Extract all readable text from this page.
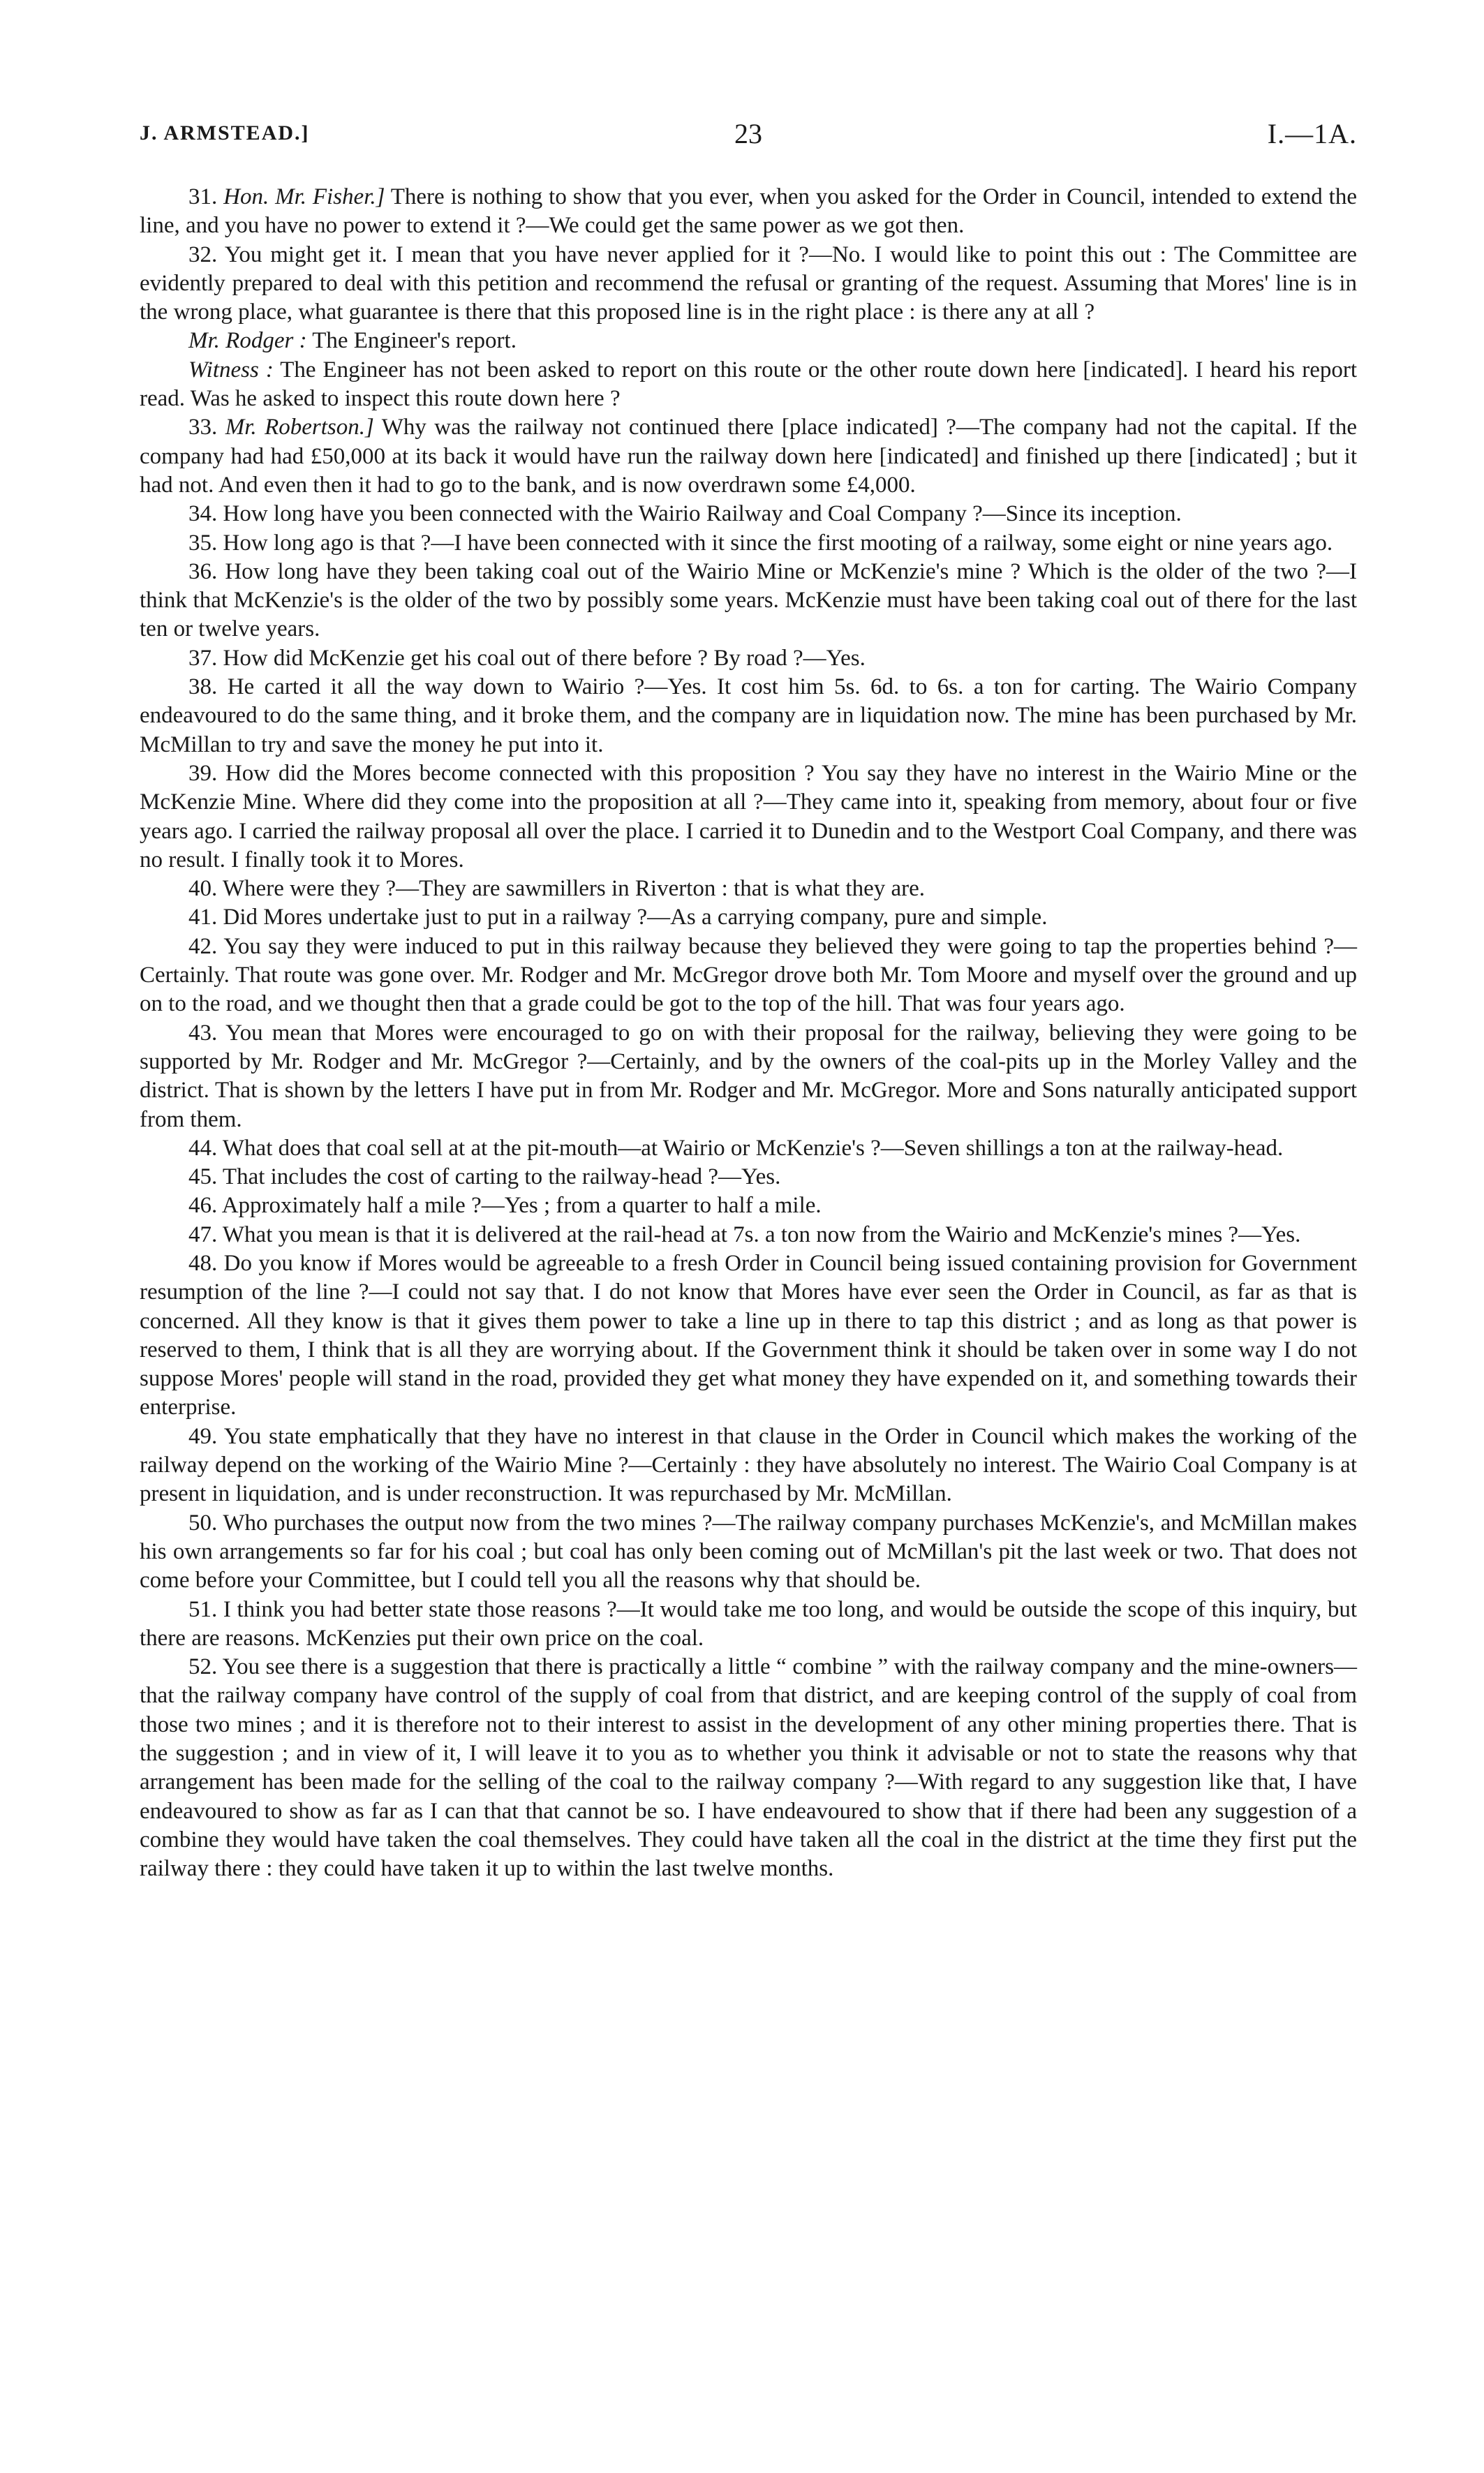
J. ARMSTEAD.]	23	I.—1A.

31. Hon. Mr. Fisher.] There is nothing to show that you ever, when you asked for the Order in Council, intended to extend the line, and you have no power to extend it ?—We could get the same power as we got then.

32. You might get it. I mean that you have never applied for it ?—No. I would like to point this out : The Committee are evidently prepared to deal with this petition and recommend the refusal or granting of the request. Assuming that Mores' line is in the wrong place, what guarantee is there that this proposed line is in the right place : is there any at all ?

Mr. Rodger : The Engineer's report.

Witness : The Engineer has not been asked to report on this route or the other route down here [indicated]. I heard his report read. Was he asked to inspect this route down here ?

33. Mr. Robertson.] Why was the railway not continued there [place indicated] ?—The company had not the capital. If the company had had £50,000 at its back it would have run the railway down here [indicated] and finished up there [indicated] ; but it had not. And even then it had to go to the bank, and is now overdrawn some £4,000.

34. How long have you been connected with the Wairio Railway and Coal Company ?—Since its inception.

35. How long ago is that ?—I have been connected with it since the first mooting of a railway, some eight or nine years ago.

36. How long have they been taking coal out of the Wairio Mine or McKenzie's mine ? Which is the older of the two ?—I think that McKenzie's is the older of the two by possibly some years. McKenzie must have been taking coal out of there for the last ten or twelve years.

37. How did McKenzie get his coal out of there before ? By road ?—Yes.

38. He carted it all the way down to Wairio ?—Yes. It cost him 5s. 6d. to 6s. a ton for carting. The Wairio Company endeavoured to do the same thing, and it broke them, and the company are in liquidation now. The mine has been purchased by Mr. McMillan to try and save the money he put into it.

39. How did the Mores become connected with this proposition ? You say they have no interest in the Wairio Mine or the McKenzie Mine. Where did they come into the proposition at all ?—They came into it, speaking from memory, about four or five years ago. I carried the railway proposal all over the place. I carried it to Dunedin and to the Westport Coal Company, and there was no result. I finally took it to Mores.

40. Where were they ?—They are sawmillers in Riverton : that is what they are.

41. Did Mores undertake just to put in a railway ?—As a carrying company, pure and simple.

42. You say they were induced to put in this railway because they believed they were going to tap the properties behind ?—Certainly. That route was gone over. Mr. Rodger and Mr. McGregor drove both Mr. Tom Moore and myself over the ground and up on to the road, and we thought then that a grade could be got to the top of the hill. That was four years ago.

43. You mean that Mores were encouraged to go on with their proposal for the railway, believing they were going to be supported by Mr. Rodger and Mr. McGregor ?—Certainly, and by the owners of the coal-pits up in the Morley Valley and the district. That is shown by the letters I have put in from Mr. Rodger and Mr. McGregor. More and Sons naturally anticipated support from them.

44. What does that coal sell at at the pit-mouth—at Wairio or McKenzie's ?—Seven shillings a ton at the railway-head.

45. That includes the cost of carting to the railway-head ?—Yes.

46. Approximately half a mile ?—Yes ; from a quarter to half a mile.

47. What you mean is that it is delivered at the rail-head at 7s. a ton now from the Wairio and McKenzie's mines ?—Yes.

48. Do you know if Mores would be agreeable to a fresh Order in Council being issued containing provision for Government resumption of the line ?—I could not say that. I do not know that Mores have ever seen the Order in Council, as far as that is concerned. All they know is that it gives them power to take a line up in there to tap this district ; and as long as that power is reserved to them, I think that is all they are worrying about. If the Government think it should be taken over in some way I do not suppose Mores' people will stand in the road, provided they get what money they have expended on it, and something towards their enterprise.

49. You state emphatically that they have no interest in that clause in the Order in Council which makes the working of the railway depend on the working of the Wairio Mine ?—Certainly : they have absolutely no interest. The Wairio Coal Company is at present in liquidation, and is under reconstruction. It was repurchased by Mr. McMillan.

50. Who purchases the output now from the two mines ?—The railway company purchases McKenzie's, and McMillan makes his own arrangements so far for his coal ; but coal has only been coming out of McMillan's pit the last week or two. That does not come before your Committee, but I could tell you all the reasons why that should be.

51. I think you had better state those reasons ?—It would take me too long, and would be outside the scope of this inquiry, but there are reasons. McKenzies put their own price on the coal.

52. You see there is a suggestion that there is practically a little “ combine ” with the railway company and the mine-owners—that the railway company have control of the supply of coal from that district, and are keeping control of the supply of coal from those two mines ; and it is therefore not to their interest to assist in the development of any other mining properties there. That is the suggestion ; and in view of it, I will leave it to you as to whether you think it advisable or not to state the reasons why that arrangement has been made for the selling of the coal to the railway company ?—With regard to any suggestion like that, I have endeavoured to show as far as I can that that cannot be so. I have endeavoured to show that if there had been any suggestion of a combine they would have taken the coal themselves. They could have taken all the coal in the district at the time they first put the railway there : they could have taken it up to within the last twelve months.
